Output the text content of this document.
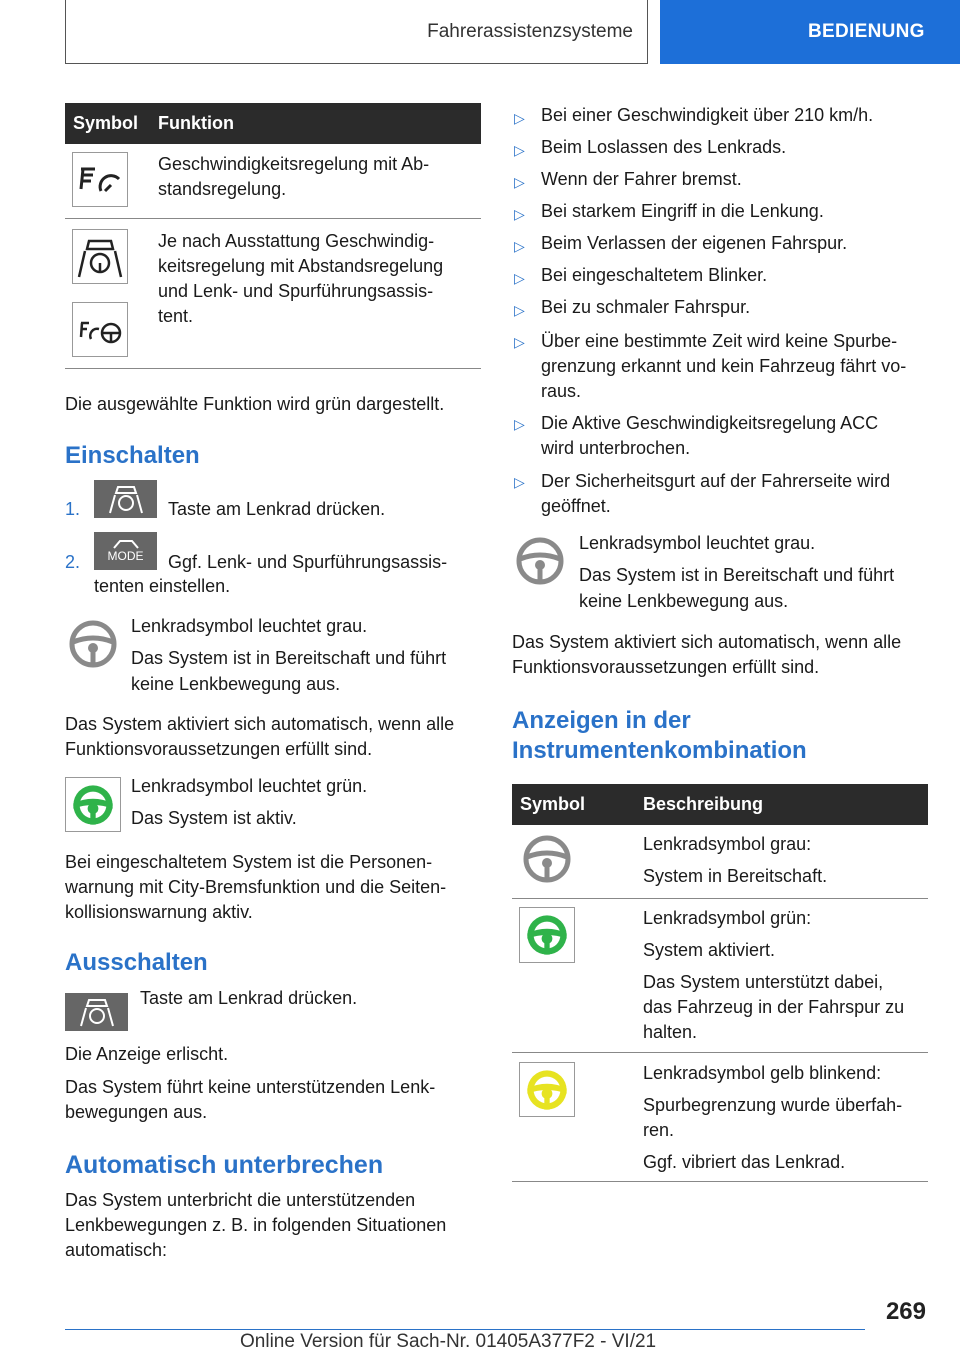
Fahrerassistenzsysteme	BEDIENUNG
Symbol Funktion
Geschwindigkeitsregelung mit Ab-
standsregelung.
Je nach Ausstattung Geschwindig-
keitsregelung mit Abstandsregelung
und Lenk- und Spurführungsassis-
tent.
Die ausgewählte Funktion wird grün dargestellt.
Einschalten
1.	Taste am Lenkrad drücken.
2. MODE Ggf. Lenk- und Spurführungsassis-
tenten einstellen.
Lenkradsymbol leuchtet grau.
Das System ist in Bereitschaft und führt
keine Lenkbewegung aus.
Das System aktiviert sich automatisch, wenn alle
Funktionsvoraussetzungen erfüllt sind.
Lenkradsymbol leuchtet grün.
Das System ist aktiv.
Bei eingeschaltetem System ist die Personen-
warnung mit City-Bremsfunktion und die Seiten-
kollisionswarnung aktiv.
Ausschalten
Taste am Lenkrad drücken.
Die Anzeige erlischt.
Das System führt keine unterstützenden Lenk-
bewegungen aus.
Automatisch unterbrechen
Das System unterbricht die unterstützenden
Lenkbewegungen z. B. in folgenden Situationen
automatisch:
▷ Bei einer Geschwindigkeit über 210 km/h.
▷ Beim Loslassen des Lenkrads.
▷ Wenn der Fahrer bremst.
▷ Bei starkem Eingriff in die Lenkung.
▷ Beim Verlassen der eigenen Fahrspur.
▷ Bei eingeschaltetem Blinker.
▷ Bei zu schmaler Fahrspur.
▷ Über eine bestimmte Zeit wird keine Spurbe-
grenzung erkannt und kein Fahrzeug fährt vo-
raus.
▷ Die Aktive Geschwindigkeitsregelung ACC
wird unterbrochen.
▷ Der Sicherheitsgurt auf der Fahrerseite wird
geöffnet.
Lenkradsymbol leuchtet grau.
Das System ist in Bereitschaft und führt
keine Lenkbewegung aus.
Das System aktiviert sich automatisch, wenn alle
Funktionsvoraussetzungen erfüllt sind.
Anzeigen in der
Instrumentenkombination
Symbol	Beschreibung
Lenkradsymbol grau:
System in Bereitschaft.
Lenkradsymbol grün:
System aktiviert.
Das System unterstützt dabei,
das Fahrzeug in der Fahrspur zu
halten.
Lenkradsymbol gelb blinkend:
Spurbegrenzung wurde überfah-
ren.
Ggf. vibriert das Lenkrad.
269
Online Version für Sach-Nr. 01405A377F2 - VI/21
